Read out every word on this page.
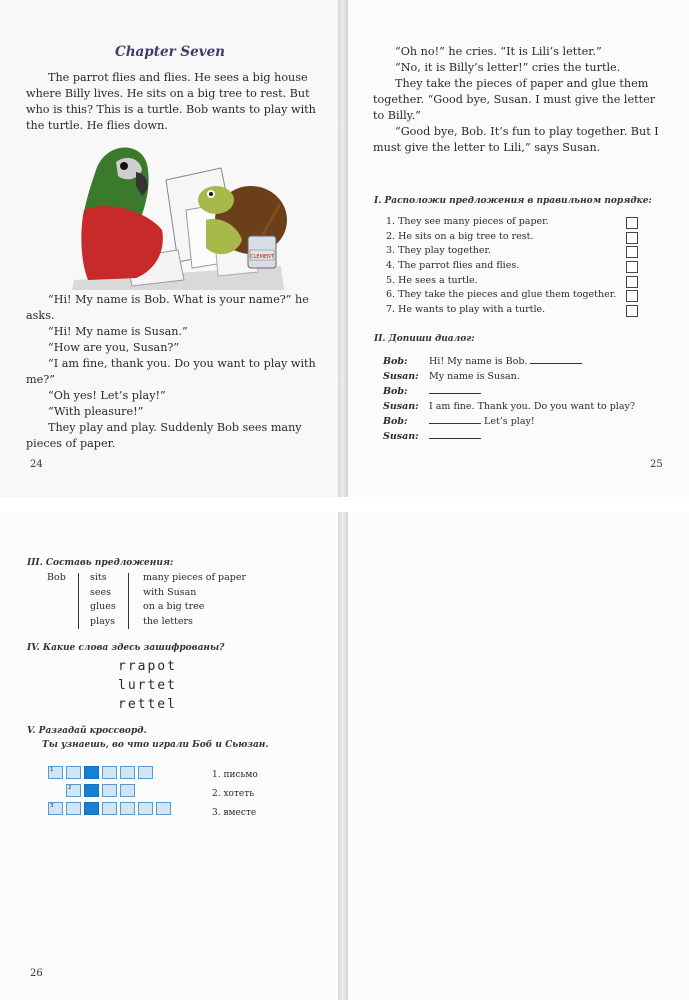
Chapter Seven
The parrot flies and flies. He sees a big house
where Billy lives. He sits on a big tree to rest. But
who is this? This is a turtle. Bob wants to play with
the turtle. He flies down.
CLEMENT
“Hi! My name is Bob. What is your name?” he
asks.
“Hi! My name is Susan.”
“How are you, Susan?”
“I am fine, thank you. Do you want to play with
me?”
“Oh yes! Let’s play!”
“With pleasure!”
They play and play. Suddenly Bob sees many
pieces of paper.
24
“Oh no!” he cries. “It is Lili’s letter.”
“No, it is Billy’s letter!” cries the turtle.
They take the pieces of paper and glue them
together. “Good bye, Susan. I must give the letter
to Billy.”
“Good bye, Bob. It’s fun to play together. But I
must give the letter to Lili,” says Susan.
I. Расположи предложения в правильном порядке:
1. They see many pieces of paper.
2. He sits on a big tree to rest.
3. They play together.
4. The parrot flies and flies.
5. He sees a turtle.
6. They take the pieces and glue them together.
7. He wants to play with a turtle.
II. Допиши диалог:
Bob: Hi! My name is Bob.
Susan: My name is Susan.
Bob:
Susan: I am fine. Thank you. Do you want to play?
Bob:	Let’s play!
Susan:
25
III. Составь предложения:
Bob	sits
sees
glues
plays
many pieces of paper
with Susan
on a big tree
the letters
IV. Какие слова здесь зашифрованы?
rrapot
lurtet
rettel
V. Разгадай кроссворд.
Ты узнаешь, во что играли Боб и Сьюзан.
1
2
3
1. письмо
2. хотеть
3. вместе
26
